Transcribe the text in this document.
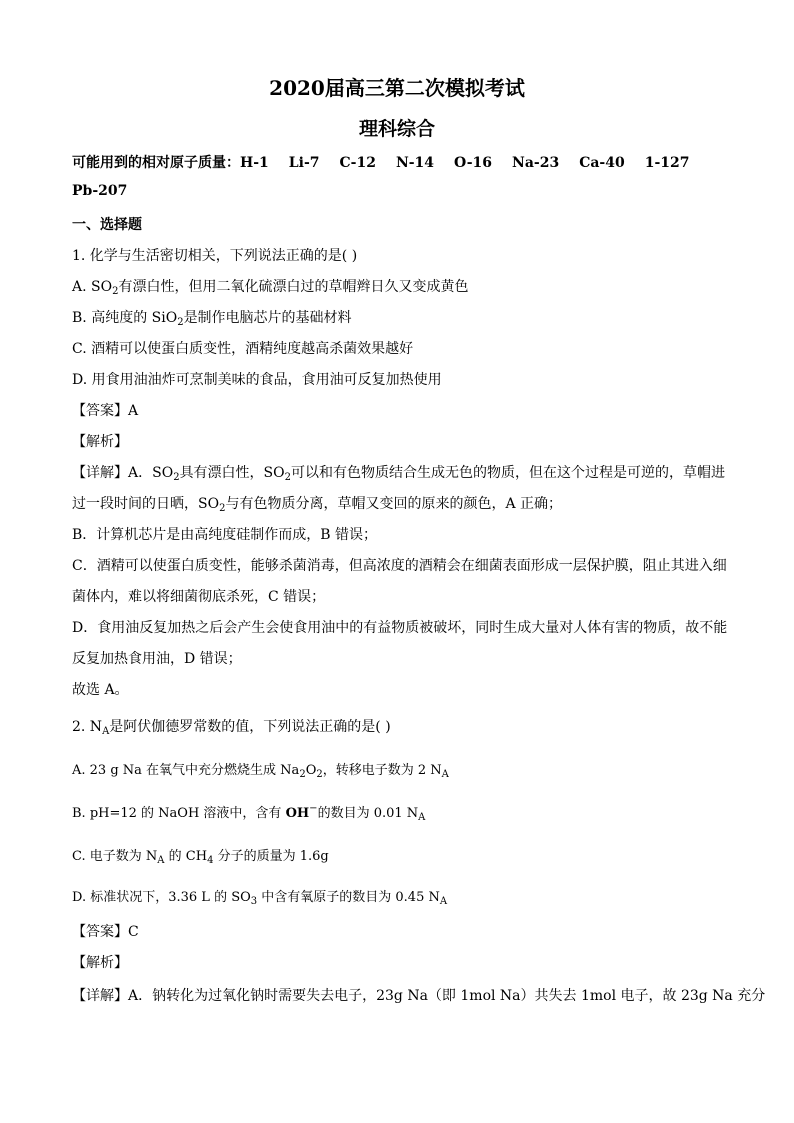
2020届高三第二次模拟考试
理科综合
可能用到的相对原子质量：H-1 Li-7 C-12 N-14 O-16 Na-23 Ca-40 1-127
Pb-207
一、选择题
1. 化学与生活密切相关，下列说法正确的是( )
A. $SO_2$有漂白性，但用二氧化硫漂白过的草帽辫日久又变成黄色
B. 高纯度的 SiO$_2$是制作电脑芯片的基础材料
C. 酒精可以使蛋白质变性，酒精纯度越高杀菌效果越好
D. 用食用油油炸可烹制美味的食品，食用油可反复加热使用
【答案】A
【解析】
【详解】A．$SO_2$具有漂白性，$SO_2$可以和有色物质结合生成无色的物质，但在这个过程是可逆的，草帽进
过一段时间的日晒，$SO_2$与有色物质分离，草帽又变回的原来的颜色，A 正确；
B．计算机芯片是由高纯度硅制作而成，B 错误；
C．酒精可以使蛋白质变性，能够杀菌消毒，但高浓度的酒精会在细菌表面形成一层保护膜，阻止其进入细
菌体内，难以将细菌彻底杀死，C 错误；
D．食用油反复加热之后会产生会使食用油中的有益物质被破坏，同时生成大量对人体有害的物质，故不能
反复加热食用油，D 错误；
故选 A。
2. $N_A$是阿伏伽德罗常数的值，下列说法正确的是( )
A. 23 g Na 在氧气中充分燃烧生成 $Na_2O_2$，转移电子数为 2 $N_A$
B. pH=12 的 NaOH 溶液中，含有 OH−的数目为 0.01 $N_A$
C. 电子数为 $N_A$ 的 $CH_4$ 分子的质量为 1.6g
D. 标准状况下，3.36 L 的 $SO_3$ 中含有氧原子的数目为 0.45 $N_A$
【答案】C
【解析】
【详解】A．钠转化为过氧化钠时需要失去电子，23g Na（即 1mol Na）共失去 1mol 电子，故 23g Na 充分
